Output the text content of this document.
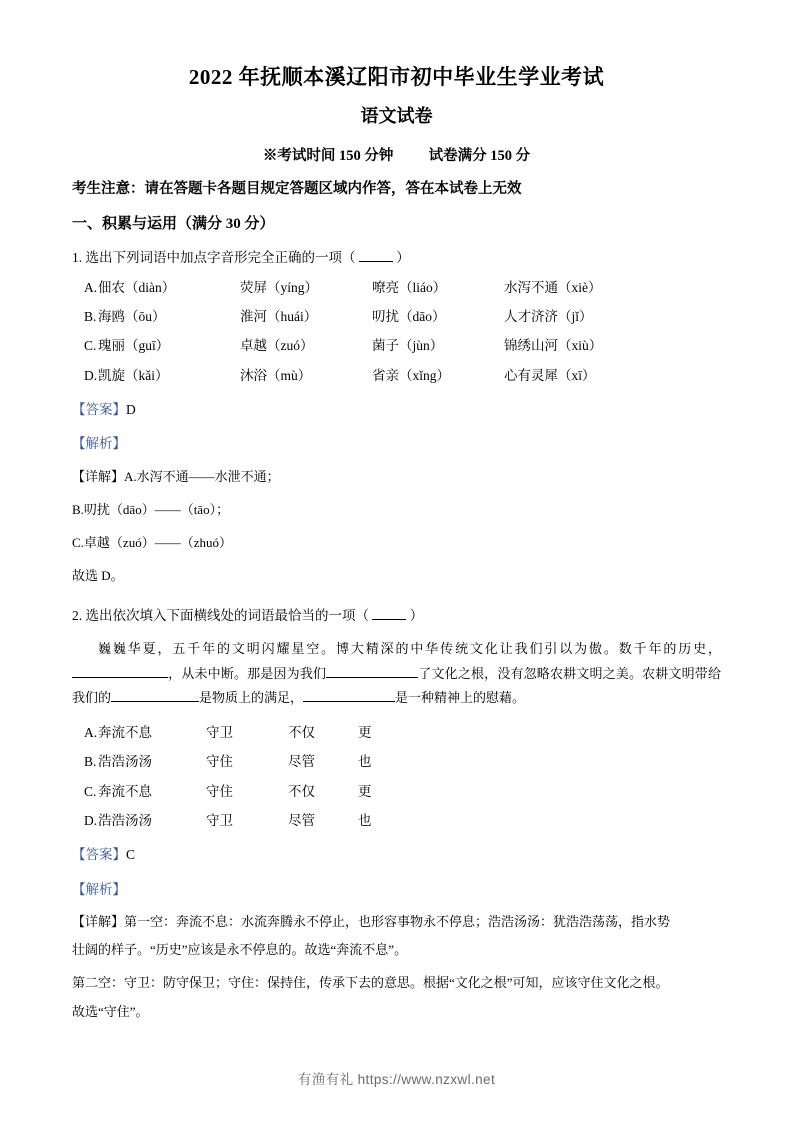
2022 年抚顺本溪辽阳市初中毕业生学业考试
语文试卷
※考试时间 150 分钟 试卷满分 150 分
考生注意：请在答题卡各题目规定答题区域内作答，答在本试卷上无效
一、积累与运用（满分 30 分）
1. 选出下列词语中加点字音形完全正确的一项（	）
A. 佃农（diàn）	荧屏（yíng）	嘹亮（liáo）	水泻不通（xiè）
B. 海鸥（ōu）	淮河（huái）	叨扰（dāo）	人才济济（jǐ）
C. 瑰丽（guī）	卓越（zuó）	菌子（jùn）	锦绣山河（xiù）
D. 凯旋（kǎi）	沐浴（mù）	省亲（xǐng）	心有灵犀（xī）
【答案】D
【解析】
【详解】A.水泻不通——水泄不通；
B.叨扰（dāo）——（tāo）；
C.卓越（zuó）——（zhuó）
故选 D。
2. 选出依次填入下面横线处的词语最恰当的一项（	）
巍巍华夏，五千年的文明闪耀星空。博大精深的中华传统文化让我们引以为傲。数千年的历史，，从未中断。那是因为我们	了文化之根，没有忽略农耕文明之美。农耕文明带给我们的	是物质上的满足，	是一种精神上的慰藉。
A. 奔流不息	守卫	不仅	更
B. 浩浩汤汤	守住	尽管	也
C. 奔流不息	守住	不仅	更
D. 浩浩汤汤	守卫	尽管	也
【答案】C
【解析】
【详解】第一空：奔流不息：水流奔腾永不停止，也形容事物永不停息；浩浩汤汤：犹浩浩荡荡，指水势
壮阔的样子。“历史”应该是永不停息的。故选“奔流不息”。
第二空：守卫：防守保卫；守住：保持住，传承下去的意思。根据“文化之根”可知，应该守住文化之根。
故选“守住”。
有渔有礼 https://www.nzxwl.net
